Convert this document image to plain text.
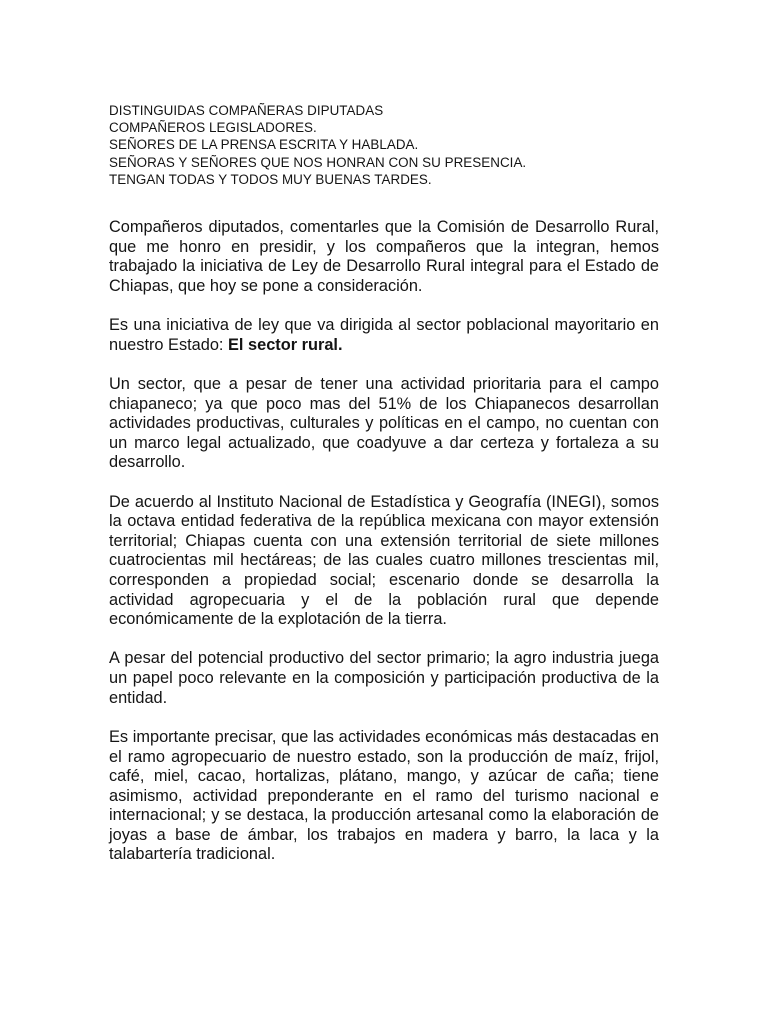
DISTINGUIDAS COMPAÑERAS DIPUTADAS
COMPAÑEROS LEGISLADORES.
SEÑORES DE LA PRENSA ESCRITA Y HABLADA.
SEÑORAS Y SEÑORES QUE NOS HONRAN CON SU PRESENCIA.
TENGAN TODAS Y TODOS MUY BUENAS TARDES.

Compañeros diputados, comentarles que la Comisión de Desarrollo Rural, que me honro en presidir, y los compañeros que la integran, hemos trabajado la iniciativa de Ley de Desarrollo Rural integral para el Estado de Chiapas, que hoy se pone a consideración.

Es una iniciativa de ley que va dirigida al sector poblacional mayoritario en nuestro Estado: El sector rural.

Un sector, que a pesar de tener una actividad prioritaria para el campo chiapaneco; ya que poco mas del 51% de los Chiapanecos desarrollan actividades productivas, culturales y políticas en el campo, no cuentan con un marco legal actualizado, que coadyuve a dar certeza y fortaleza a su desarrollo.

De acuerdo al Instituto Nacional de Estadística y Geografía (INEGI), somos la octava entidad federativa de la república mexicana con mayor extensión territorial; Chiapas cuenta con una extensión territorial de siete millones cuatrocientas mil hectáreas; de las cuales cuatro millones trescientas mil, corresponden a propiedad social; escenario donde se desarrolla la actividad agropecuaria y el de la población rural que depende económicamente de la explotación de la tierra.

A pesar del potencial productivo del sector primario; la agro industria juega un papel poco relevante en la composición y participación productiva de la entidad.

Es importante precisar, que las actividades económicas más destacadas en el ramo agropecuario de nuestro estado, son la producción de maíz, frijol, café, miel, cacao, hortalizas, plátano, mango, y azúcar de caña; tiene asimismo, actividad preponderante en el ramo del turismo nacional e internacional; y se destaca, la producción artesanal como la elaboración de joyas a base de ámbar, los trabajos en madera y barro, la laca y la talabartería tradicional.
